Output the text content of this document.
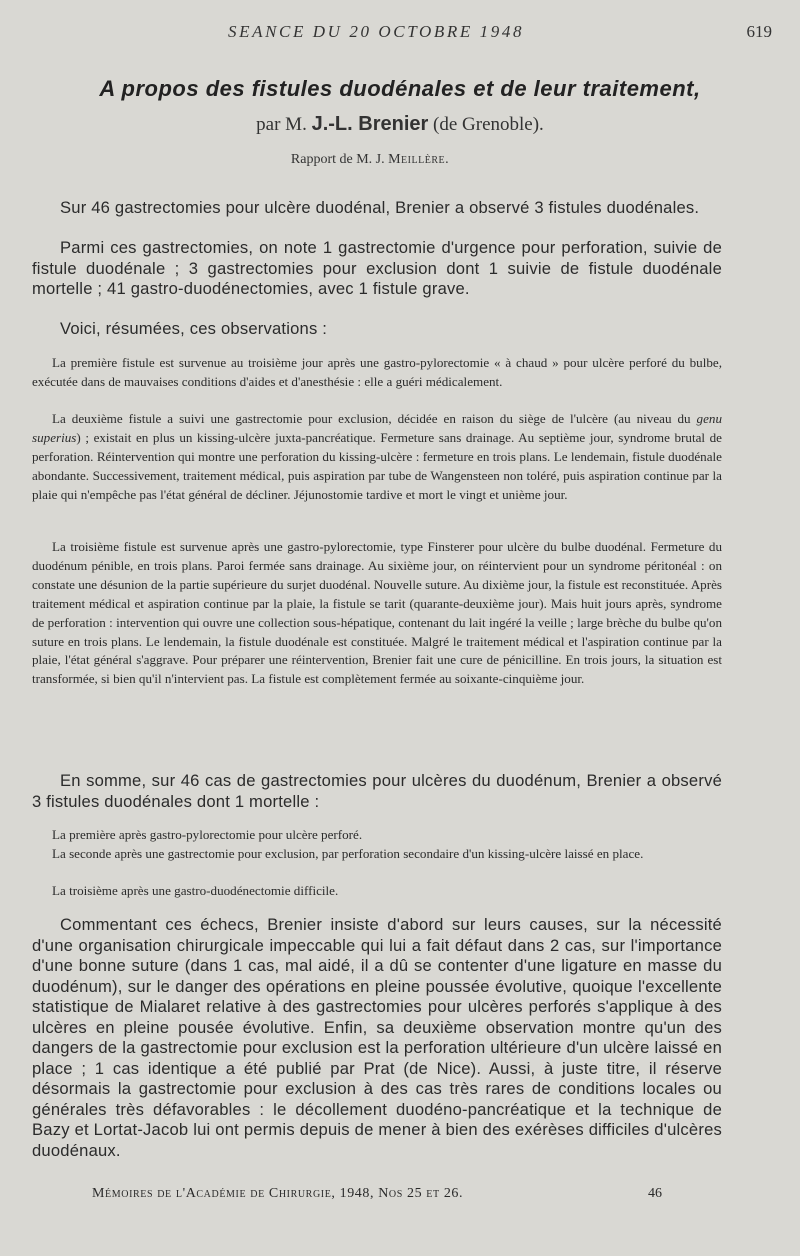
SEANCE DU 20 OCTOBRE 1948	619
A propos des fistules duodénales et de leur traitement,
par M. J.-L. Brenier (de Grenoble).
Rapport de M. J. Meillère.
Sur 46 gastrectomies pour ulcère duodénal, Brenier a observé 3 fistules duodénales.
Parmi ces gastrectomies, on note 1 gastrectomie d'urgence pour perforation, suivie de fistule duodénale ; 3 gastrectomies pour exclusion dont 1 suivie de fistule duodénale mortelle ; 41 gastro-duodénectomies, avec 1 fistule grave.
Voici, résumées, ces observations :
La première fistule est survenue au troisième jour après une gastro-pylorectomie « à chaud » pour ulcère perforé du bulbe, exécutée dans de mauvaises conditions d'aides et d'anesthésie : elle a guéri médicalement.
La deuxième fistule a suivi une gastrectomie pour exclusion, décidée en raison du siège de l'ulcère (au niveau du genu superius) ; existait en plus un kissing-ulcère juxta-pancréatique. Fermeture sans drainage. Au septième jour, syndrome brutal de perforation. Réintervention qui montre une perforation du kissing-ulcère : fermeture en trois plans. Le lendemain, fistule duodénale abondante. Successivement, traitement médical, puis aspiration par tube de Wangensteen non toléré, puis aspiration continue par la plaie qui n'empêche pas l'état général de décliner. Jéjunostomie tardive et mort le vingt et unième jour.
La troisième fistule est survenue après une gastro-pylorectomie, type Finsterer pour ulcère du bulbe duodénal. Fermeture du duodénum pénible, en trois plans. Paroi fermée sans drainage. Au sixième jour, on réintervient pour un syndrome péritonéal : on constate une désunion de la partie supérieure du surjet duodénal. Nouvelle suture. Au dixième jour, la fistule est reconstituée. Après traitement médical et aspiration continue par la plaie, la fistule se tarit (quarante-deuxième jour). Mais huit jours après, syndrome de perforation : intervention qui ouvre une collection sous-hépatique, contenant du lait ingéré la veille ; large brèche du bulbe qu'on suture en trois plans. Le lendemain, la fistule duodénale est constituée. Malgré le traitement médical et l'aspiration continue par la plaie, l'état général s'aggrave. Pour préparer une réintervention, Brenier fait une cure de pénicilline. En trois jours, la situation est transformée, si bien qu'il n'intervient pas. La fistule est complètement fermée au soixante-cinquième jour.
En somme, sur 46 cas de gastrectomies pour ulcères du duodénum, Brenier a observé 3 fistules duodénales dont 1 mortelle :
La première après gastro-pylorectomie pour ulcère perforé.
La seconde après une gastrectomie pour exclusion, par perforation secondaire d'un kissing-ulcère laissé en place.
La troisième après une gastro-duodénectomie difficile.
Commentant ces échecs, Brenier insiste d'abord sur leurs causes, sur la nécessité d'une organisation chirurgicale impeccable qui lui a fait défaut dans 2 cas, sur l'importance d'une bonne suture (dans 1 cas, mal aidé, il a dû se contenter d'une ligature en masse du duodénum), sur le danger des opérations en pleine poussée évolutive, quoique l'excellente statistique de Mialaret relative à des gastrectomies pour ulcères perforés s'applique à des ulcères en pleine pousée évolutive. Enfin, sa deuxième observation montre qu'un des dangers de la gastrectomie pour exclusion est la perforation ultérieure d'un ulcère laissé en place ; 1 cas identique a été publié par Prat (de Nice). Aussi, à juste titre, il réserve désormais la gastrectomie pour exclusion à des cas très rares de conditions locales ou générales très défavorables : le décollement duodéno-pancréatique et la technique de Bazy et Lortat-Jacob lui ont permis depuis de mener à bien des exérèses difficiles d'ulcères duodénaux.
Mémoires de l'Académie de Chirurgie, 1948, Nos 25 et 26.	46
